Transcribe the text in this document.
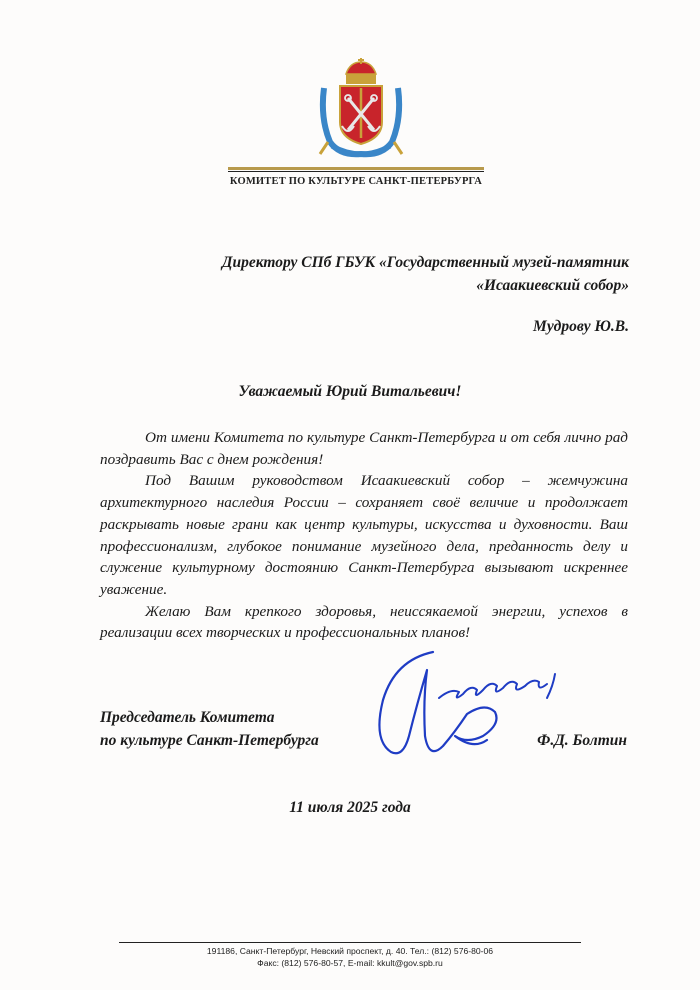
КОМИТЕТ ПО КУЛЬТУРЕ САНКТ-ПЕТЕРБУРГА
Директору СПб ГБУК «Государственный музей-памятник
«Исаакиевский собор»
Мудрову Ю.В.
Уважаемый Юрий Витальевич!

От имени Комитета по культуре Санкт-Петербурга и от себя лично рад поздравить Вас с днем рождения!

Под Вашим руководством Исаакиевский собор – жемчужина архитектурного наследия России – сохраняет своё величие и продолжает раскрывать новые грани как центр культуры, искусства и духовности. Ваш профессионализм, глубокое понимание музейного дела, преданность делу и служение культурному достоянию Санкт-Петербурга вызывают искреннее уважение.

Желаю Вам крепкого здоровья, неиссякаемой энергии, успехов в реализации всех творческих и профессиональных планов!

Председатель Комитета
по культуре Санкт-Петербурга	Ф.Д. Болтин
11 июля 2025 года
191186, Санкт-Петербург, Невский проспект, д. 40. Тел.: (812) 576-80-06
Факс: (812) 576-80-57, E-mail: kkult@gov.spb.ru
